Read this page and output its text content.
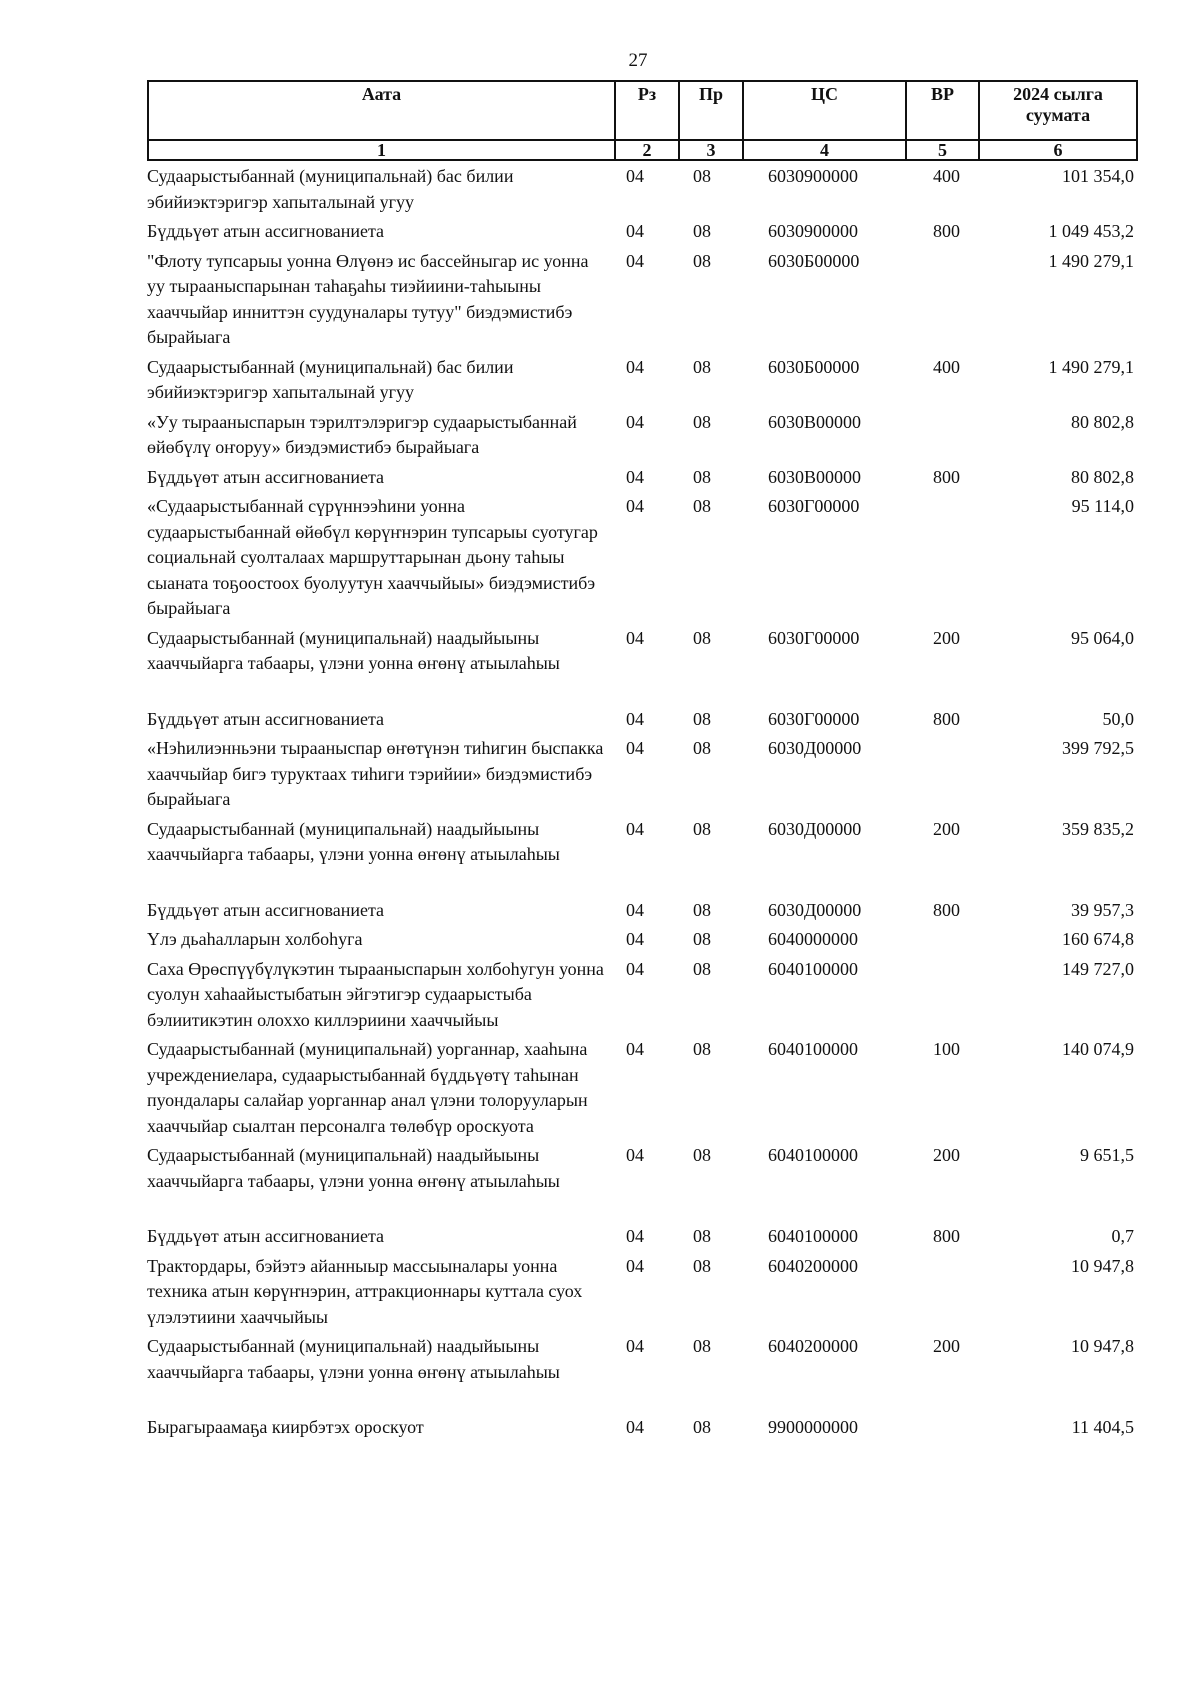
27
Аата	Рз	Пр	ЦС	ВР	2024 сылга суумата
1	2	3	4	5	6
Судаарыстыбаннай (муниципальнай) бас билии эбийиэктэригэр хапыталынай угуу	04	08	6030900000	400	101 354,0
Бүддьүөт атын ассигнованиета	04	08	6030900000	800	1 049 453,2
"Флоту тупсарыы уонна Өлүөнэ ис бассейныгар ис уонна уу тырааныспарынан таһаҕаһы тиэйиини-таһыыны хааччыйар инниттэн суудуналары тутуу" биэдэмистибэ бырайыага	04	08	6030Б00000		1 490 279,1
Судаарыстыбаннай (муниципальнай) бас билии эбийиэктэригэр хапыталынай угуу	04	08	6030Б00000	400	1 490 279,1
«Уу тырааныспарын тэрилтэлэригэр судаарыстыбаннай өйөбүлү оҥоруу» биэдэмистибэ бырайыага	04	08	6030В00000		80 802,8
Бүддьүөт атын ассигнованиета	04	08	6030В00000	800	80 802,8
«Судаарыстыбаннай сүрүннээһини уонна судаарыстыбаннай өйөбүл көрүҥнэрин тупсарыы суотугар социальнай суолталаах маршруттарынан дьону таһыы сыаната тоҕоостоох буолуутун хааччыйыы» биэдэмистибэ бырайыага	04	08	6030Г00000		95 114,0
Судаарыстыбаннай (муниципальнай) наадыйыыны хааччыйарга табаары, үлэни уонна өҥөнү атыылаһыы	04	08	6030Г00000	200	95 064,0
Бүддьүөт атын ассигнованиета	04	08	6030Г00000	800	50,0
«Нэһилиэнньэни тырааныспар өҥөтүнэн тиһигин быспакка хааччыйар бигэ туруктаах тиһиги тэрийии» биэдэмистибэ бырайыага	04	08	6030Д00000		399 792,5
Судаарыстыбаннай (муниципальнай) наадыйыыны хааччыйарга табаары, үлэни уонна өҥөнү атыылаһыы	04	08	6030Д00000	200	359 835,2
Бүддьүөт атын ассигнованиета	04	08	6030Д00000	800	39 957,3
Үлэ дьаһалларын холбоһуга	04	08	6040000000		160 674,8
Саха Өрөспүүбүлүкэтин тырааныспарын холбоһугун уонна суолун хаһаайыстыбатын эйгэтигэр судаарыстыба бэлиитикэтин олоххо киллэриини хааччыйыы	04	08	6040100000		149 727,0
Судаарыстыбаннай (муниципальнай) уорганнар, хааһына учреждениелара, судаарыстыбаннай бүддьүөтү таһынан пуондалары салайар уорганнар анал үлэни толорууларын хааччыйар сыалтан персоналга төлөбүр ороскуота	04	08	6040100000	100	140 074,9
Судаарыстыбаннай (муниципальнай) наадыйыыны хааччыйарга табаары, үлэни уонна өҥөнү атыылаһыы	04	08	6040100000	200	9 651,5
Бүддьүөт атын ассигнованиета	04	08	6040100000	800	0,7
Трактордары, бэйэтэ айанныыр массыыналары уонна техника атын көрүҥнэрин, аттракционнары куттала суох үлэлэтиини хааччыйыы	04	08	6040200000		10 947,8
Судаарыстыбаннай (муниципальнай) наадыйыыны хааччыйарга табаары, үлэни уонна өҥөнү атыылаһыы	04	08	6040200000	200	10 947,8
Бырагыраамаҕа киирбэтэх ороскуот	04	08	9900000000		11 404,5
